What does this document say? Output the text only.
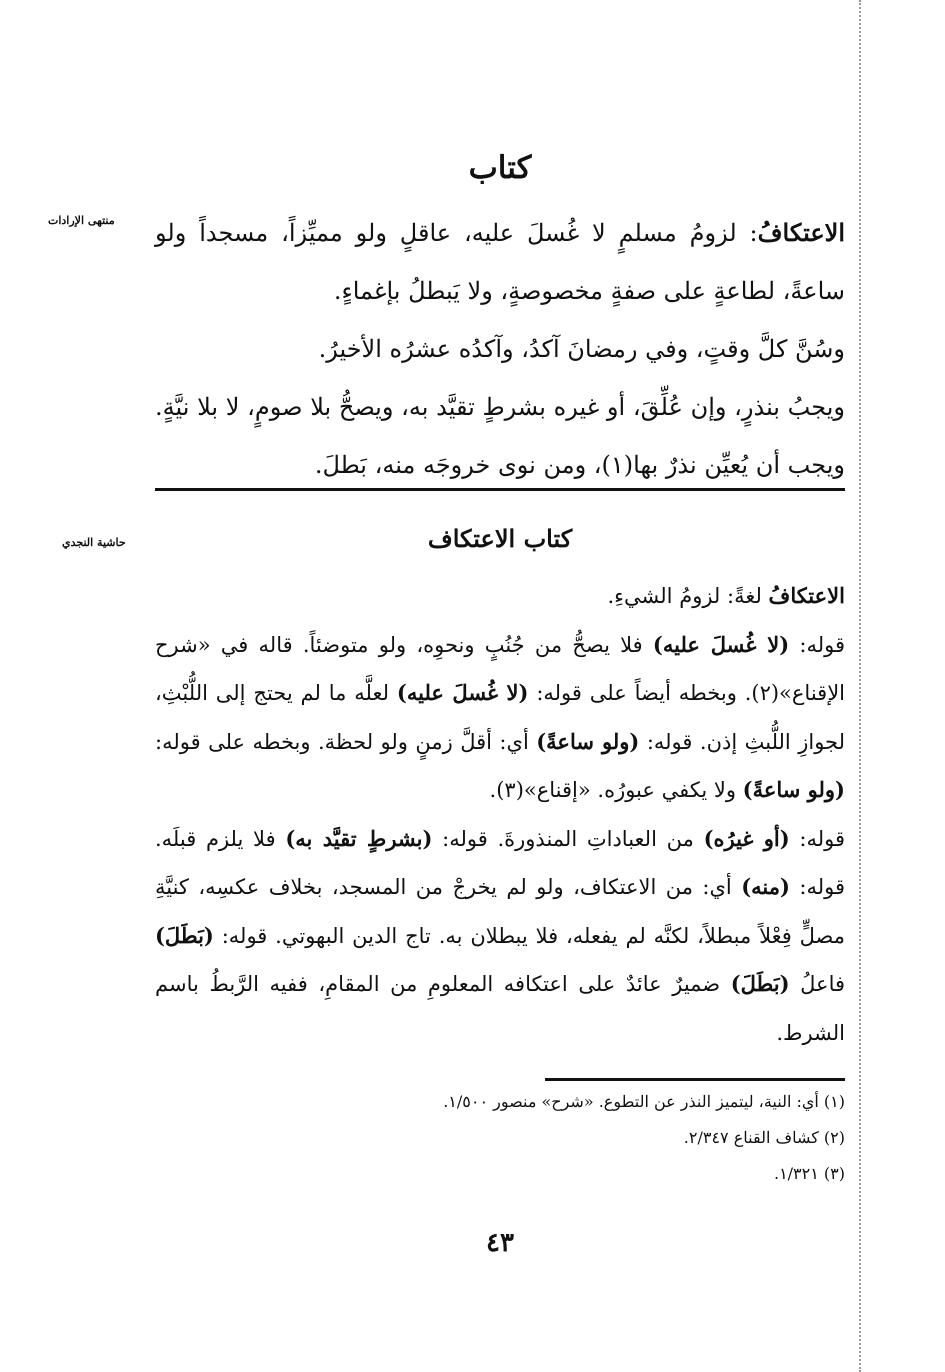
منتهى الإرادات
حاشية النجدي
كتاب

الاعتكافُ: لزومُ مسلمٍ لا غُسلَ عليه، عاقلٍ ولو مميِّزاً، مسجداً ولو ساعةً، لطاعةٍ على صفةٍ مخصوصةٍ، ولا يَبطلُ بإغماءٍ.

وسُنَّ كلَّ وقتٍ، وفي رمضانَ آكدُ، وآكدُه عشرُه الأخيرُ.

ويجبُ بنذرٍ، وإن عُلِّقَ، أو غيره بشرطٍ تقيَّد به، ويصحُّ بلا صومٍ، لا بلا نيَّةٍ. ويجب أن يُعيِّن نذرٌ بها(١)، ومن نوى خروجَه منه، بَطلَ.

كتاب الاعتكاف

الاعتكافُ لغةً: لزومُ الشيءِ.

قوله: (لا غُسلَ عليه) فلا يصحُّ من جُنُبٍ ونحوِه، ولو متوضئاً. قاله في «شرح الإقناع»(٢). وبخطه أيضاً على قوله: (لا غُسلَ عليه) لعلَّه ما لم يحتج إلى اللُّبْثِ، لجوازِ اللُّبثِ إذن. قوله: (ولو ساعةً) أي: أقلَّ زمنٍ ولو لحظة. وبخطه على قوله: (ولو ساعةً) ولا يكفي عبورُه. «إقناع»(٣).

قوله: (أو غيرُه) من العباداتِ المنذورةَ. قوله: (بشرطٍ تقيَّد به) فلا يلزم قبلَه. قوله: (منه) أي: من الاعتكاف، ولو لم يخرجْ من المسجد، بخلاف عكسِه، كنيَّةِ مصلٍّ فِعْلاً مبطلاً، لكنَّه لم يفعله، فلا يبطلان به. تاج الدين البهوتي. قوله: (بَطَلَ) فاعلُ (بَطَلَ) ضميرٌ عائدٌ على اعتكافه المعلومِ من المقامِ، ففيه الرَّبطُ باسم الشرط.

(١) أي: النية، ليتميز النذر عن التطوع. «شرح» منصور ١/٥٠٠.
(٢) كشاف القناع ٢/٣٤٧.
(٣) ١/٣٢١.
٤٣
